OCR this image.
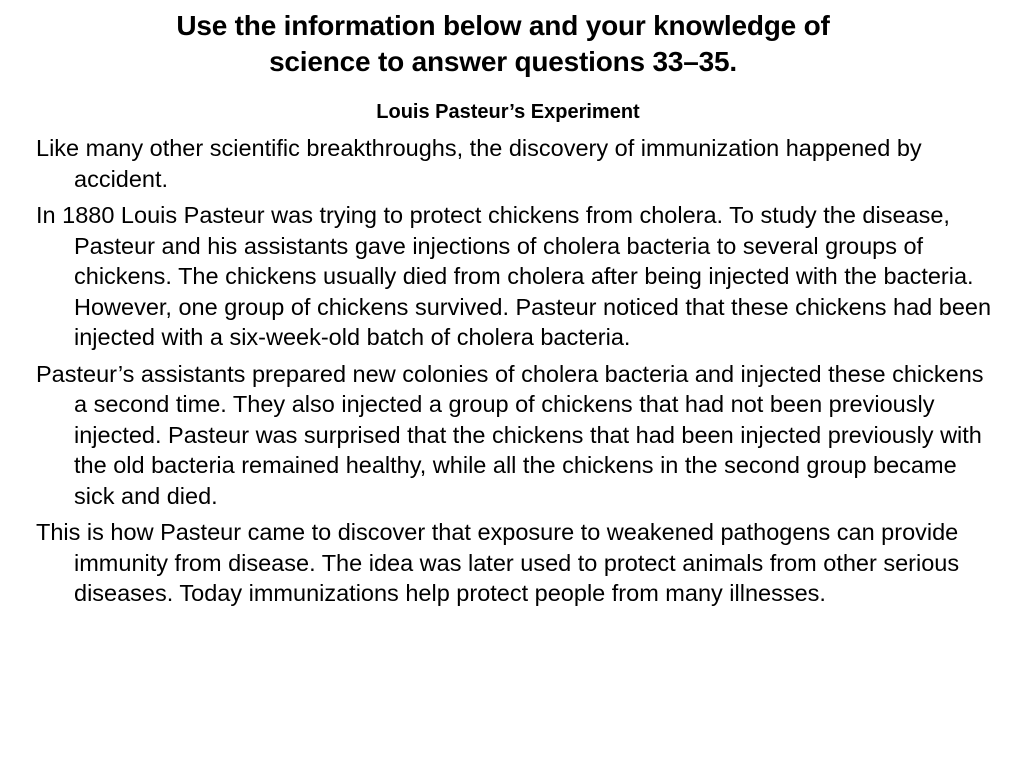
Use the information below and your knowledge of
science to answer questions 33–35.
Louis Pasteur’s Experiment

Like many other scientific breakthroughs, the discovery of immunization happened by accident.

In 1880 Louis Pasteur was trying to protect chickens from cholera. To study the disease, Pasteur and his assistants gave injections of cholera bacteria to several groups of chickens. The chickens usually died from cholera after being injected with the bacteria. However, one group of chickens survived. Pasteur noticed that these chickens had been injected with a six-week-old batch of cholera bacteria.

Pasteur’s assistants prepared new colonies of cholera bacteria and injected these chickens a second time. They also injected a group of chickens that had not been previously injected. Pasteur was surprised that the chickens that had been injected previously with the old bacteria remained healthy, while all the chickens in the second group became sick and died.

This is how Pasteur came to discover that exposure to weakened pathogens can provide immunity from disease. The idea was later used to protect animals from other serious diseases. Today immunizations help protect people from many illnesses.
